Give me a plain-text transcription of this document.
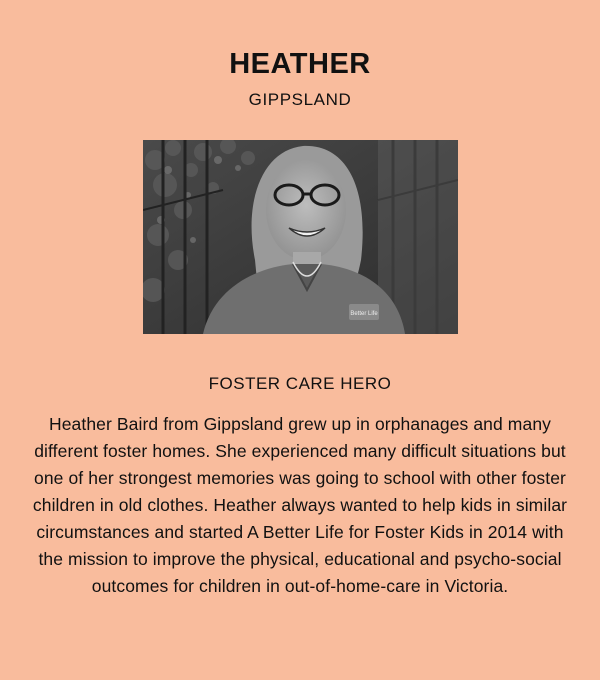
HEATHER
GIPPSLAND
Better Life
FOSTER CARE HERO

Heather Baird from Gippsland grew up in orphanages and many different foster homes. She experienced many difficult situations but one of her strongest memories was going to school with other foster children in old clothes. Heather always wanted to help kids in similar circumstances and started A Better Life for Foster Kids in 2014 with the mission to improve the physical, educational and psycho-social outcomes for children in out-of-home-care in Victoria.
